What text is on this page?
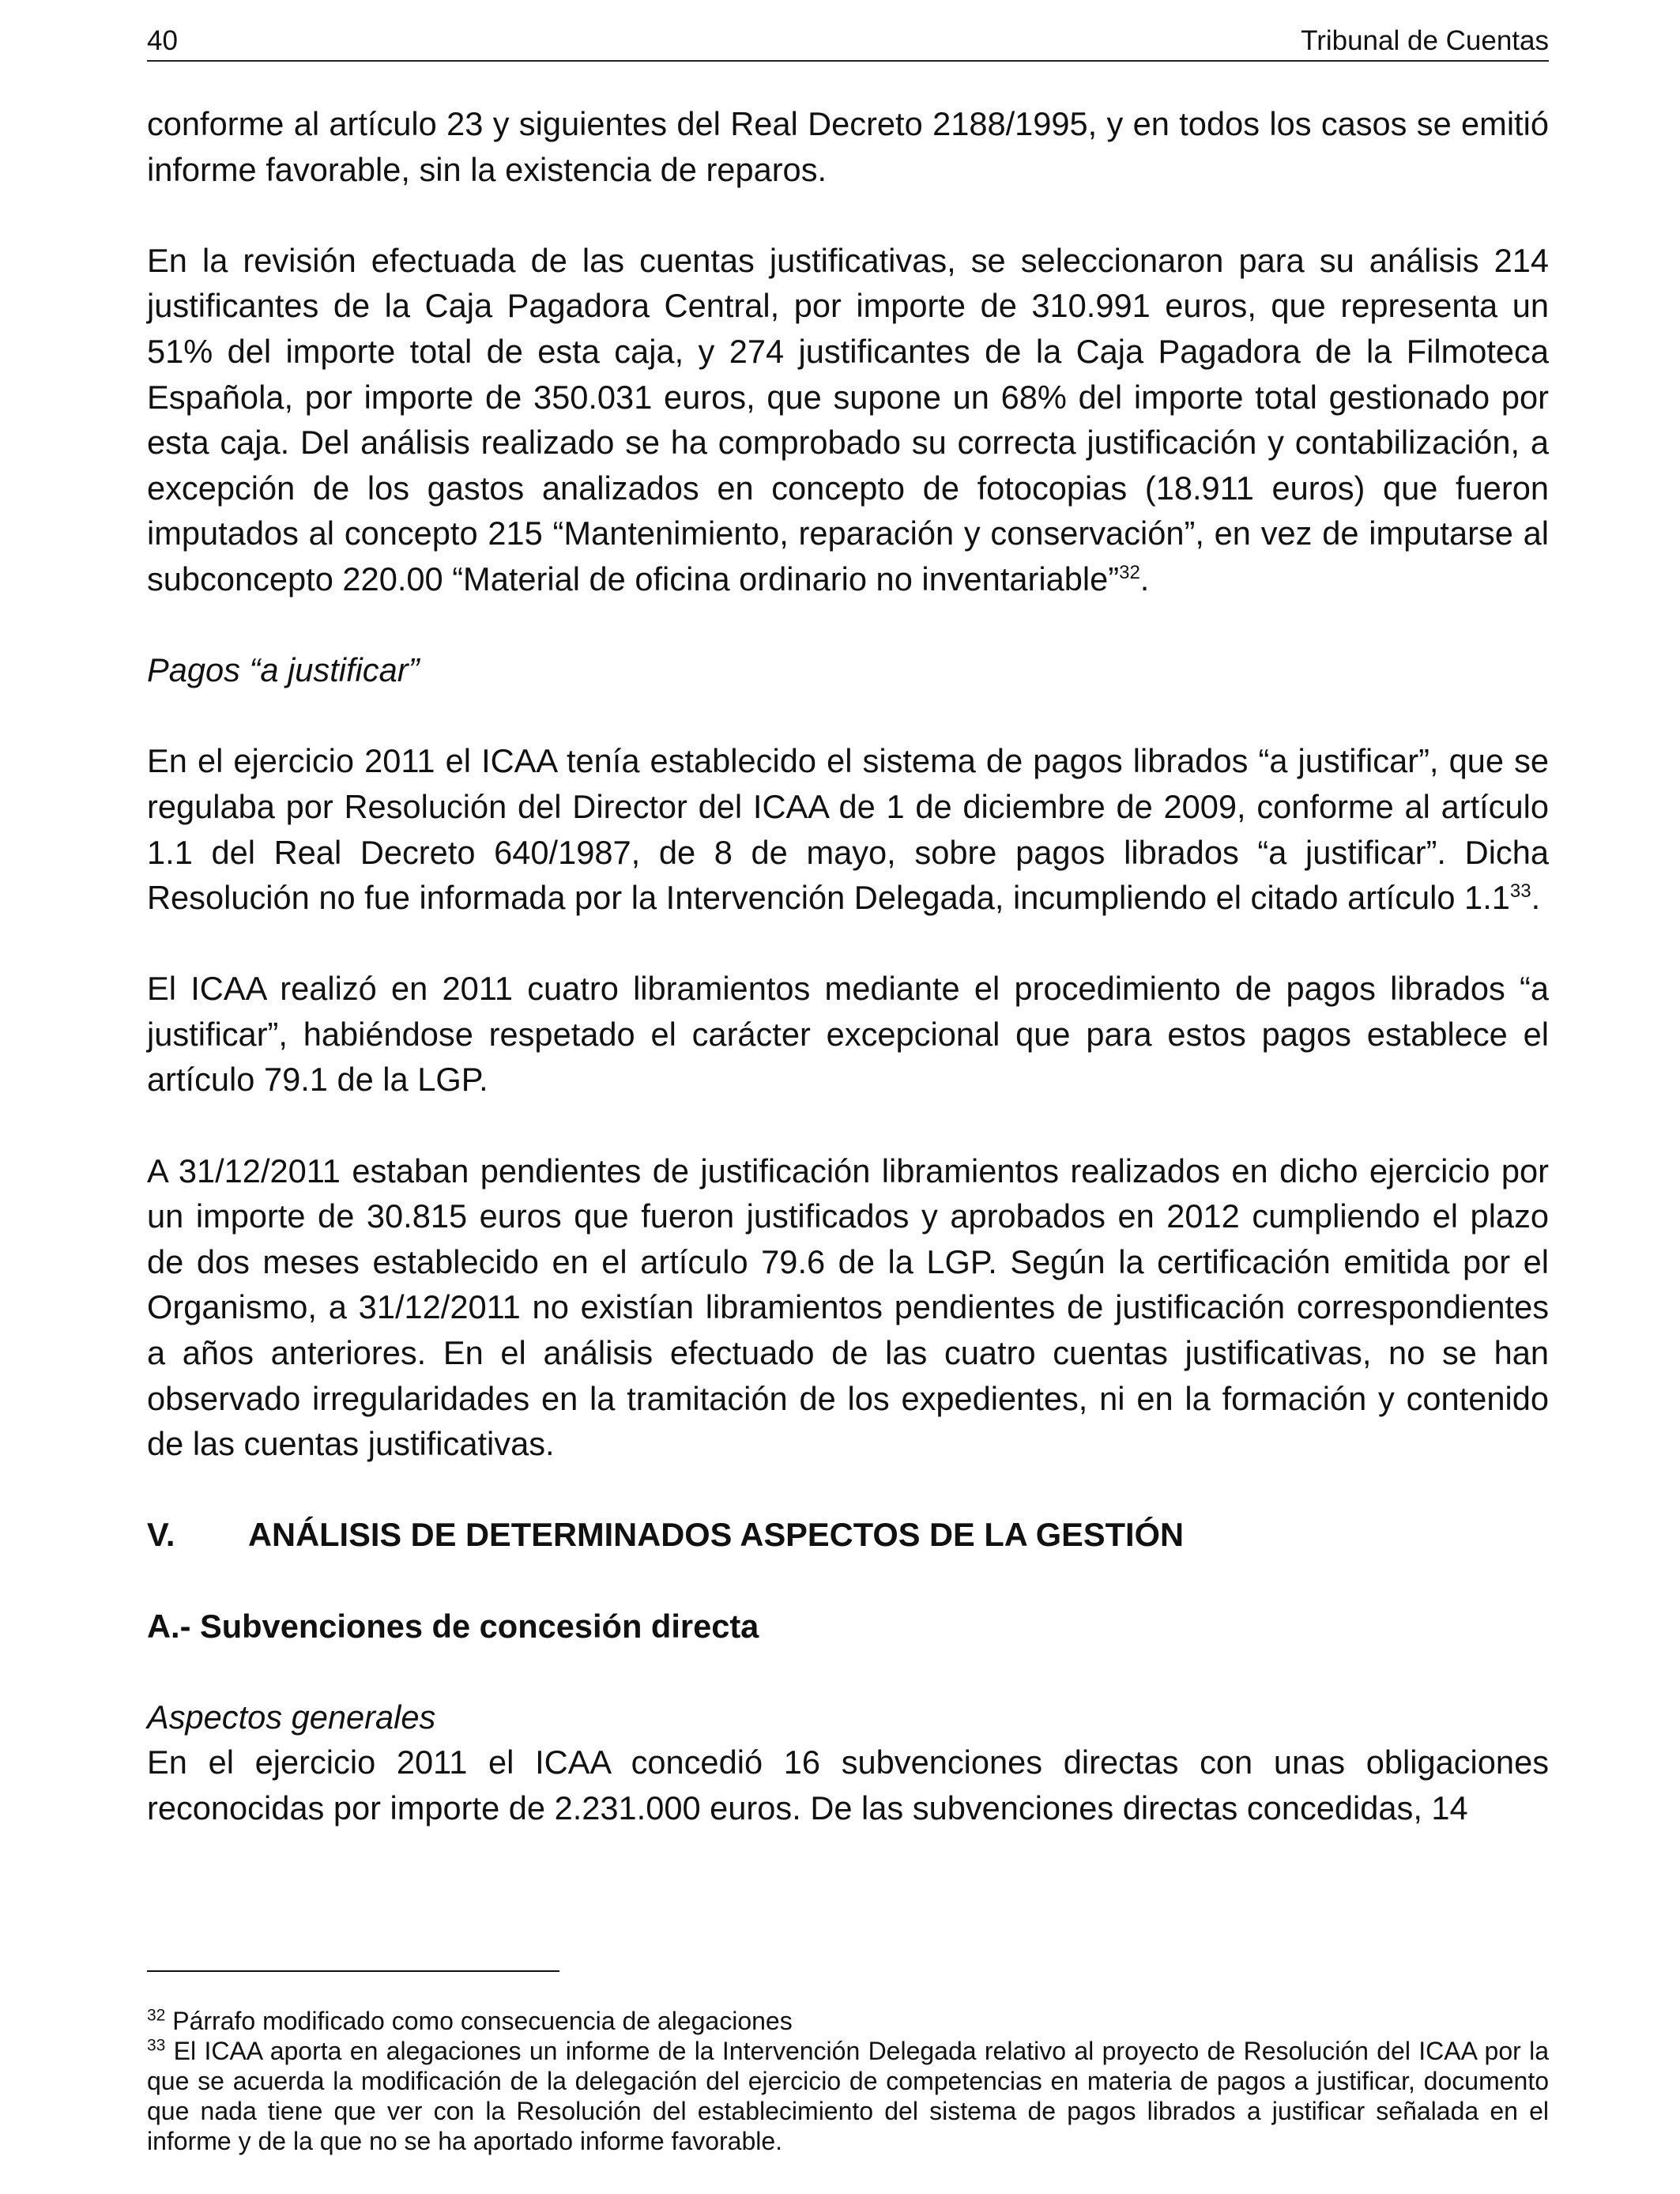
40	Tribunal de Cuentas

conforme al artículo 23 y siguientes del Real Decreto 2188/1995, y en todos los casos se emitió informe favorable, sin la existencia de reparos.

En la revisión efectuada de las cuentas justificativas, se seleccionaron para su análisis 214 justificantes de la Caja Pagadora Central, por importe de 310.991 euros, que representa un 51% del importe total de esta caja, y 274 justificantes de la Caja Pagadora de la Filmoteca Española, por importe de 350.031 euros, que supone un 68% del importe total gestionado por esta caja. Del análisis realizado se ha comprobado su correcta justificación y contabilización, a excepción de los gastos analizados en concepto de fotocopias (18.911 euros) que fueron imputados al concepto 215 “Mantenimiento, reparación y conservación”, en vez de imputarse al subconcepto 220.00 “Material de oficina ordinario no inventariable”$^{32}$.

Pagos “a justificar”

En el ejercicio 2011 el ICAA tenía establecido el sistema de pagos librados “a justificar”, que se regulaba por Resolución del Director del ICAA de 1 de diciembre de 2009, conforme al artículo 1.1 del Real Decreto 640/1987, de 8 de mayo, sobre pagos librados “a justificar”. Dicha Resolución no fue informada por la Intervención Delegada, incumpliendo el citado artículo $1.1^{33}$.

El ICAA realizó en 2011 cuatro libramientos mediante el procedimiento de pagos librados “a justificar”, habiéndose respetado el carácter excepcional que para estos pagos establece el artículo 79.1 de la LGP.

A 31/12/2011 estaban pendientes de justificación libramientos realizados en dicho ejercicio por un importe de 30.815 euros que fueron justificados y aprobados en 2012 cumpliendo el plazo de dos meses establecido en el artículo 79.6 de la LGP. Según la certificación emitida por el Organismo, a 31/12/2011 no existían libramientos pendientes de justificación correspondientes a años anteriores. En el análisis efectuado de las cuatro cuentas justificativas, no se han observado irregularidades en la tramitación de los expedientes, ni en la formación y contenido de las cuentas justificativas.

V. ANÁLISIS DE DETERMINADOS ASPECTOS DE LA GESTIÓN

A.- Subvenciones de concesión directa

Aspectos generales

En el ejercicio 2011 el ICAA concedió 16 subvenciones directas con unas obligaciones reconocidas por importe de 2.231.000 euros. De las subvenciones directas concedidas, 14

$^{32}$ Párrafo modificado como consecuencia de alegaciones

$^{33}$ El ICAA aporta en alegaciones un informe de la Intervención Delegada relativo al proyecto de Resolución del ICAA por la que se acuerda la modificación de la delegación del ejercicio de competencias en materia de pagos a justificar, documento que nada tiene que ver con la Resolución del establecimiento del sistema de pagos librados a justificar señalada en el informe y de la que no se ha aportado informe favorable.
